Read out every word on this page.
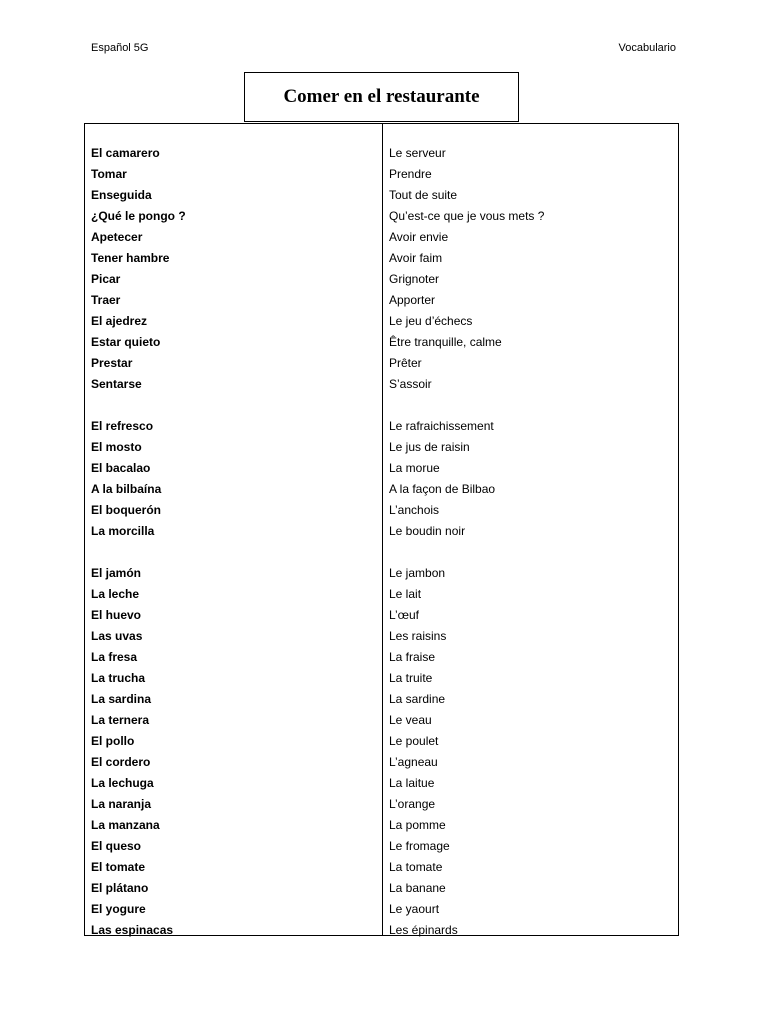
Español 5G	Vocabulario
Comer en el restaurante
El camarero	Le serveur
Tomar	Prendre
Enseguida	Tout de suite
¿Qué le pongo ?	Qu’est-ce que je vous mets ?
Apetecer	Avoir envie
Tener hambre	Avoir faim
Picar	Grignoter
Traer	Apporter
El ajedrez	Le jeu d’échecs
Estar quieto	Être tranquille, calme
Prestar	Prêter
Sentarse	S’assoir
El refresco	Le rafraichissement
El mosto	Le jus de raisin
El bacalao	La morue
A la bilbaína	A la façon de Bilbao
El boquerón	L’anchois
La morcilla	Le boudin noir
El jamón	Le jambon
La leche	Le lait
El huevo	L’œuf
Las uvas	Les raisins
La fresa	La fraise
La trucha	La truite
La sardina	La sardine
La ternera	Le veau
El pollo	Le poulet
El cordero	L’agneau
La lechuga	La laitue
La naranja	L’orange
La manzana	La pomme
El queso	Le fromage
El tomate	La tomate
El plátano	La banane
El yogure	Le yaourt
Las espinacas	Les épinards
